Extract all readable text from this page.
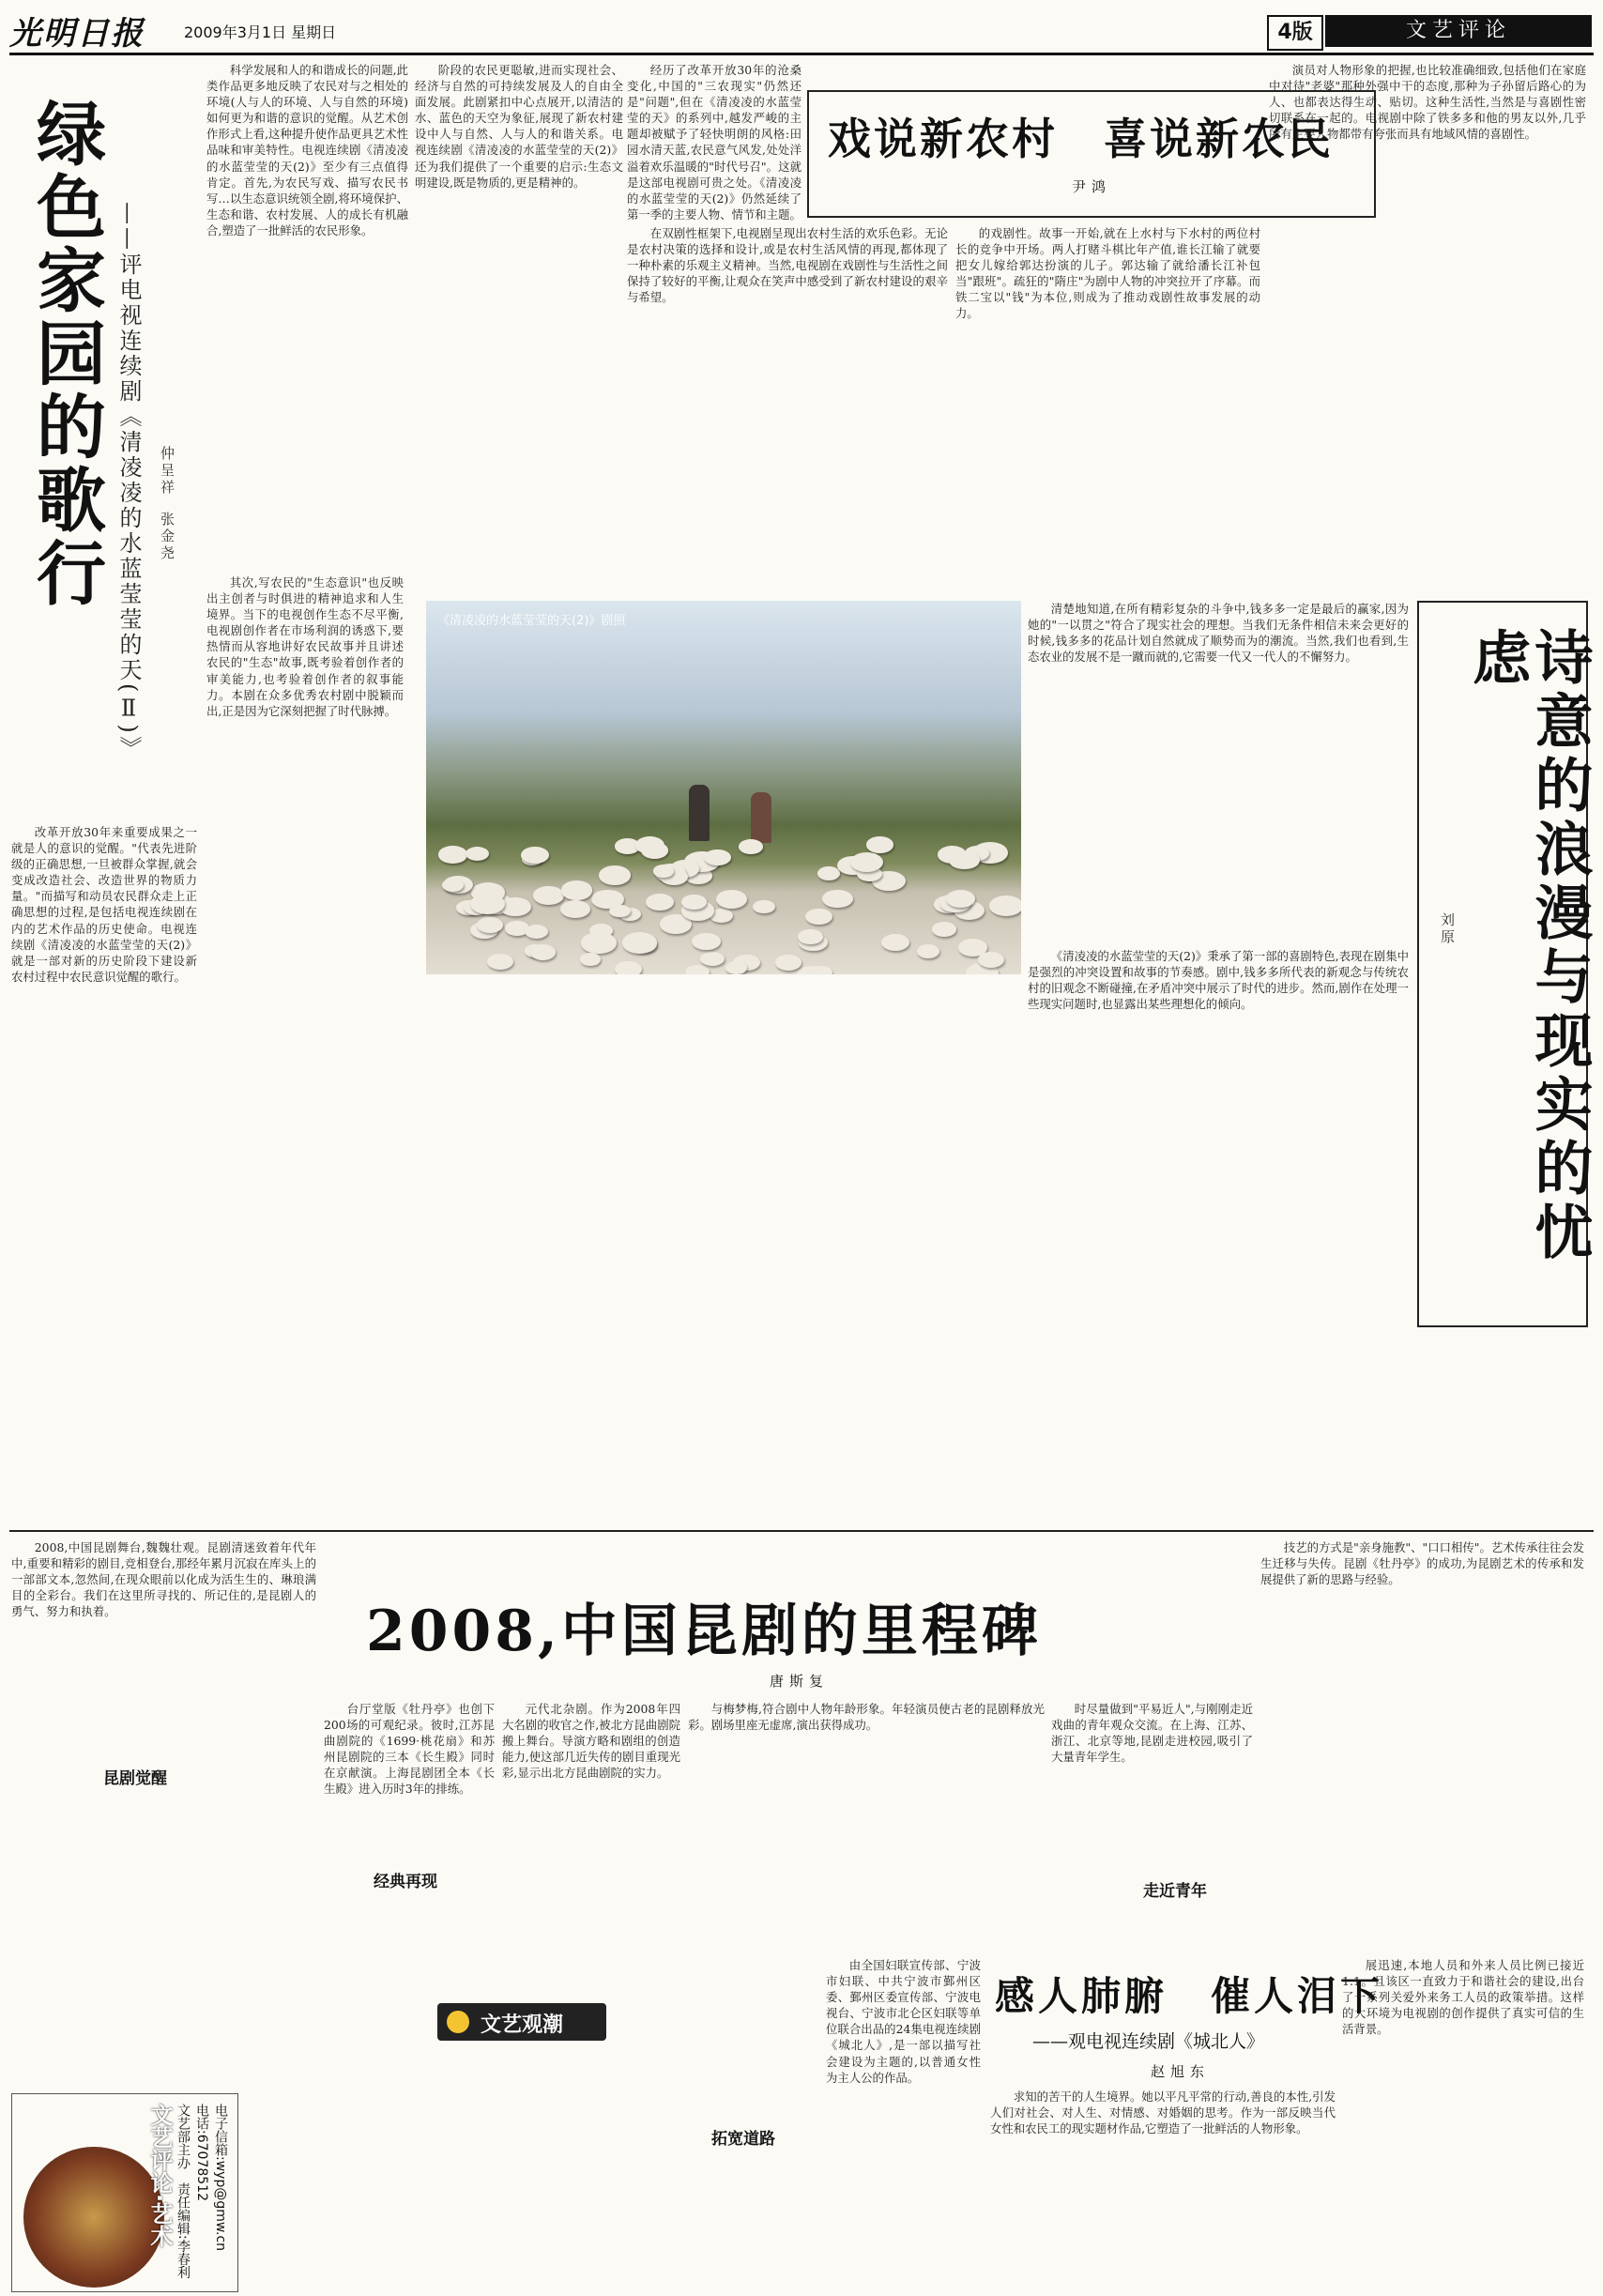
光明日报	2009年3月1日 星期日	4版	文艺评论
绿色家园的歌行 ——评电视连续剧《清凌凌的水蓝莹莹的天(Ⅱ)》 仲呈祥
张金尧

科学发展和人的和谐成长的问题,此类作品更多地反映了农民对与之相处的环境(人与人的环境、人与自然的环境)如何更为和谐的意识的觉醒。从艺术创作形式上看,这种提升使作品更具艺术性品味和审美特性。电视连续剧《清凌凌的水蓝莹莹的天(2)》至少有三点值得肯定。首先,为农民写戏、描写农民书写…以生态意识统领全剧,将环境保护、生态和谐、农村发展、人的成长有机融合,塑造了一批鲜活的农民形象。

阶段的农民更聪敏,进而实现社会、经济与自然的可持续发展及人的自由全面发展。此剧紧扣中心点展开,以清洁的水、蓝色的天空为象征,展现了新农村建设中人与自然、人与人的和谐关系。电视连续剧《清凌凌的水蓝莹莹的天(2)》还为我们提供了一个重要的启示:生态文明建设,既是物质的,更是精神的。

改革开放30年来重要成果之一就是人的意识的觉醒。"代表先进阶级的正确思想,一旦被群众掌握,就会变成改造社会、改造世界的物质力量。"而描写和动员农民群众走上正确思想的过程,是包括电视连续剧在内的艺术作品的历史使命。电视连续剧《清凌凌的水蓝莹莹的天(2)》就是一部对新的历史阶段下建设新农村过程中农民意识觉醒的歌行。

其次,写农民的"生态意识"也反映出主创者与时俱进的精神追求和人生境界。当下的电视创作生态不尽平衡,电视剧创作者在市场利润的诱惑下,要热情而从容地讲好农民故事并且讲述农民的"生态"故事,既考验着创作者的审美能力,也考验着创作者的叙事能力。本剧在众多优秀农村剧中脱颖而出,正是因为它深刻把握了时代脉搏。

戏说新农村　喜说新农民
尹鸿

经历了改革开放30年的沧桑变化,中国的"三农现实"仍然还是"问题",但在《清凌凌的水蓝莹莹的天》的系列中,越发严峻的主题却被赋予了轻快明朗的风格:田园水清天蓝,农民意气风发,处处洋溢着欢乐温暖的"时代号召"。这就是这部电视剧可贵之处。《清凌凌的水蓝莹莹的天(2)》仍然延续了第一季的主要人物、情节和主题。

的戏剧性。故事一开始,就在上水村与下水村的两位村长的竞争中开场。两人打赌斗棋比年产值,谁长江输了就要把女儿嫁给郭达扮演的儿子。郭达输了就给潘长江补包当"跟班"。疏狂的"隋庄"为剧中人物的冲突拉开了序幕。而铁二宝以"钱"为本位,则成为了推动戏剧性故事发展的动力。

演员对人物形象的把握,也比较准确细致,包括他们在家庭中对待"老婆"那种外强中干的态度,那种为子孙留后路心的为人、也都表达得生动、贴切。这种生活性,当然是与喜剧性密切联系在一起的。电视剧中除了铁多多和他的男友以外,几乎所有主要人物都带有夸张而具有地域风情的喜剧性。

在双剧性框架下,电视剧呈现出农村生活的欢乐色彩。无论是农村决策的选择和设计,或是农村生活风情的再现,都体现了一种朴素的乐观主义精神。当然,电视剧在戏剧性与生活性之间保持了较好的平衡,让观众在笑声中感受到了新农村建设的艰辛与希望。

《清凌凌的水蓝莹莹的天(2)》剧照
诗意的浪漫与现实的忧虑
刘原

清楚地知道,在所有精彩复杂的斗争中,钱多多一定是最后的赢家,因为她的"一以贯之"符合了现实社会的理想。当我们无条件相信未来会更好的时候,钱多多的花品计划自然就成了顺势而为的潮流。当然,我们也看到,生态农业的发展不是一蹴而就的,它需要一代又一代人的不懈努力。

《清凌凌的水蓝莹莹的天(2)》秉承了第一部的喜剧特色,表现在剧集中是强烈的冲突设置和故事的节奏感。剧中,钱多多所代表的新观念与传统农村的旧观念不断碰撞,在矛盾冲突中展示了时代的进步。然而,剧作在处理一些现实问题时,也显露出某些理想化的倾向。

2008,中国昆剧的里程碑
唐斯复

2008,中国昆剧舞台,魏魏壮观。昆剧清迷致着年代年中,重要和精彩的剧目,竞相登台,那经年累月沉寂在库头上的一部部文本,忽然间,在现众眼前以化成为活生生的、琳琅满目的全彩台。我们在这里所寻找的、所记住的,是昆剧人的勇气、努力和执着。

昆剧觉醒

台厅堂版《牡丹亭》也创下200场的可观纪录。彼时,江苏昆曲剧院的《1699·桃花扇》和苏州昆剧院的三本《长生殿》同时在京献演。上海昆剧团全本《长生殿》进入历时3年的排练。

经典再现

元代北杂剧。作为2008年四大名剧的收官之作,被北方昆曲剧院搬上舞台。导演方略和剧组的创造能力,使这部几近失传的剧目重现光彩,显示出北方昆曲剧院的实力。

与梅梦梅,符合剧中人物年龄形象。年轻演员使古老的昆剧释放光彩。剧场里座无虚席,演出获得成功。

拓宽道路

时尽量做到"平易近人",与刚刚走近戏曲的青年观众交流。在上海、江苏、浙江、北京等地,昆剧走进校园,吸引了大量青年学生。

走近青年

技艺的方式是"亲身施教"、"口口相传"。艺术传承往往会发生迁移与失传。昆剧《牡丹亭》的成功,为昆剧艺术的传承和发展提供了新的思路与经验。

文艺观潮
感人肺腑　催人泪下
——观电视连续剧《城北人》
赵旭东

由全国妇联宣传部、宁波市妇联、中共宁波市鄞州区委、鄞州区委宣传部、宁波电视台、宁波市北仑区妇联等单位联合出品的24集电视连续剧《城北人》,是一部以描写社会建设为主题的,以普通女性为主人公的作品。

求知的苦干的人生境界。她以平凡平常的行动,善良的本性,引发人们对社会、对人生、对情感、对婚姻的思考。作为一部反映当代女性和农民工的现实题材作品,它塑造了一批鲜活的人物形象。

展迅速,本地人员和外来人员比例已接近1:1。且该区一直致力于和谐社会的建设,出台了一系列关爱外来务工人员的政策举措。这样的大环境为电视剧的创作提供了真实可信的生活背景。

电子信箱:wyp@gmw.cn
电话:67078512
文艺部主办　责任编辑:李春利
文艺评论·艺术
